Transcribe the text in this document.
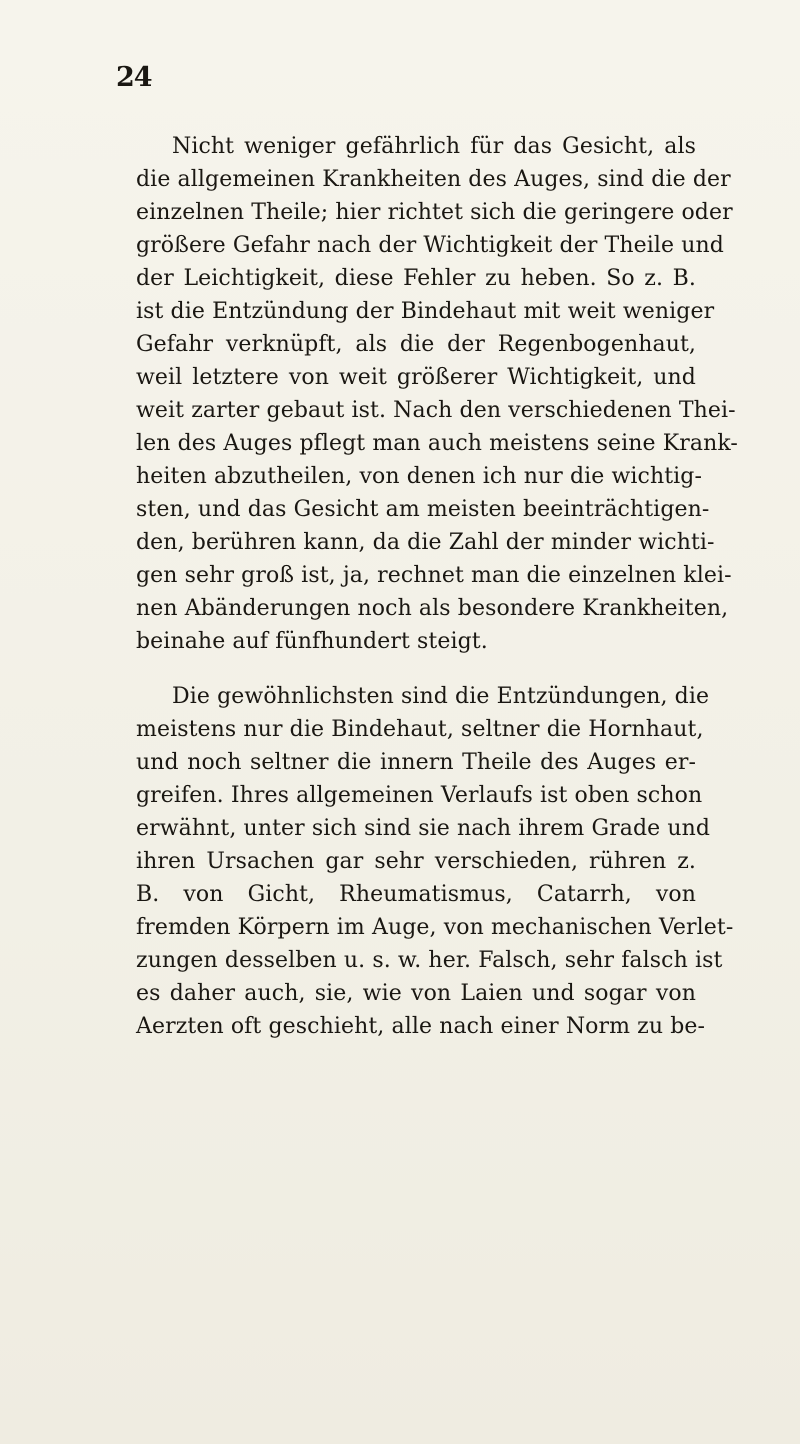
24
Nicht weniger gefährlich für das Gesicht, als
die allgemeinen Krankheiten des Auges, sind die der
einzelnen Theile; hier richtet sich die geringere oder
größere Gefahr nach der Wichtigkeit der Theile und
der Leichtigkeit, diese Fehler zu heben. So z. B.
ist die Entzündung der Bindehaut mit weit weniger
Gefahr verknüpft, als die der Regenbogenhaut,
weil letztere von weit größerer Wichtigkeit, und
weit zarter gebaut ist. Nach den verschiedenen Thei-
len des Auges pflegt man auch meistens seine Krank-
heiten abzutheilen, von denen ich nur die wichtig-
sten, und das Gesicht am meisten beeinträchtigen-
den, berühren kann, da die Zahl der minder wichti-
gen sehr groß ist, ja, rechnet man die einzelnen klei-
nen Abänderungen noch als besondere Krankheiten,
beinahe auf fünfhundert steigt.
Die gewöhnlichsten sind die Entzündungen, die
meistens nur die Bindehaut, seltner die Hornhaut,
und noch seltner die innern Theile des Auges er-
greifen. Ihres allgemeinen Verlaufs ist oben schon
erwähnt, unter sich sind sie nach ihrem Grade und
ihren Ursachen gar sehr verschieden, rühren z.
B. von Gicht, Rheumatismus, Catarrh, von
fremden Körpern im Auge, von mechanischen Verlet-
zungen desselben u. s. w. her. Falsch, sehr falsch ist
es daher auch, sie, wie von Laien und sogar von
Aerzten oft geschieht, alle nach einer Norm zu be-
